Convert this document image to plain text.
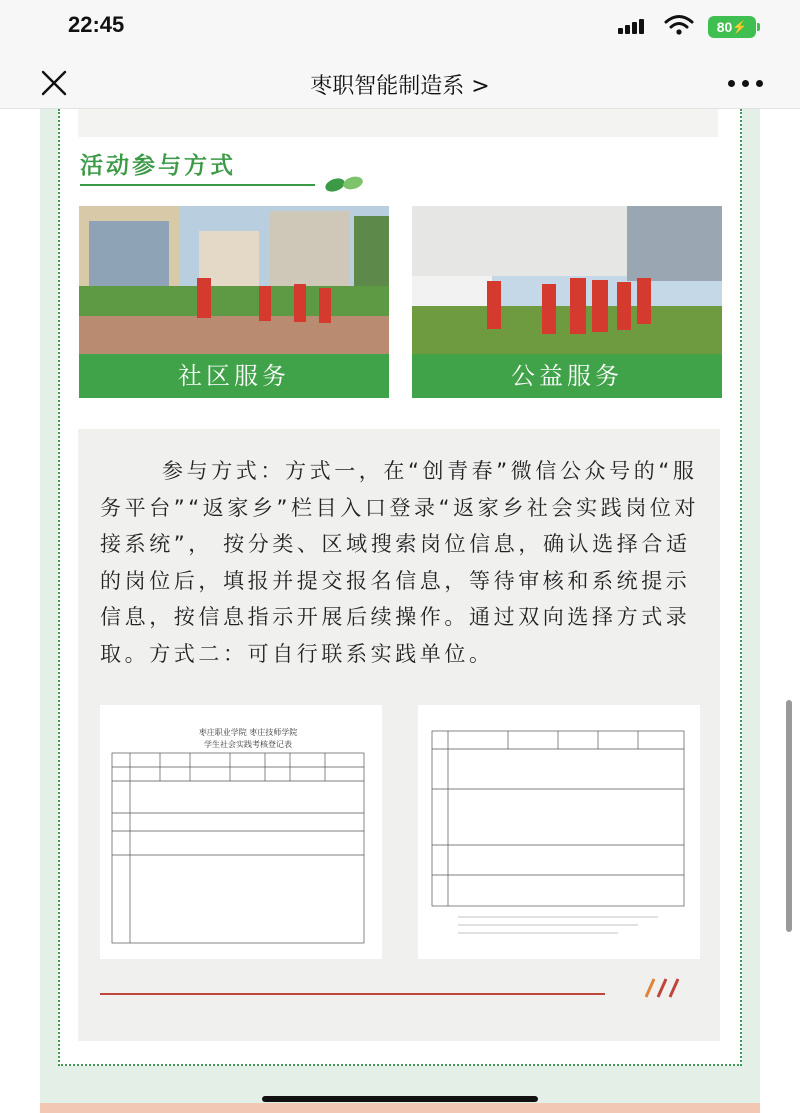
22:45	80 ⚡
枣职智能制造系 >
活动参与方式
社区服务	公益服务

参与方式：方式一，在“创青春”微信公众号的“服务平台”“返家乡”栏目入口登录“返家乡社会实践岗位对接系统”， 按分类、区域搜索岗位信息，确认选择合适的岗位后，填报并提交报名信息，等待审核和系统提示信息，按信息指示开展后续操作。通过双向选择方式录取。方式二：可自行联系实践单位。

枣庄职业学院 枣庄技师学院
学生社会实践考核登记表
